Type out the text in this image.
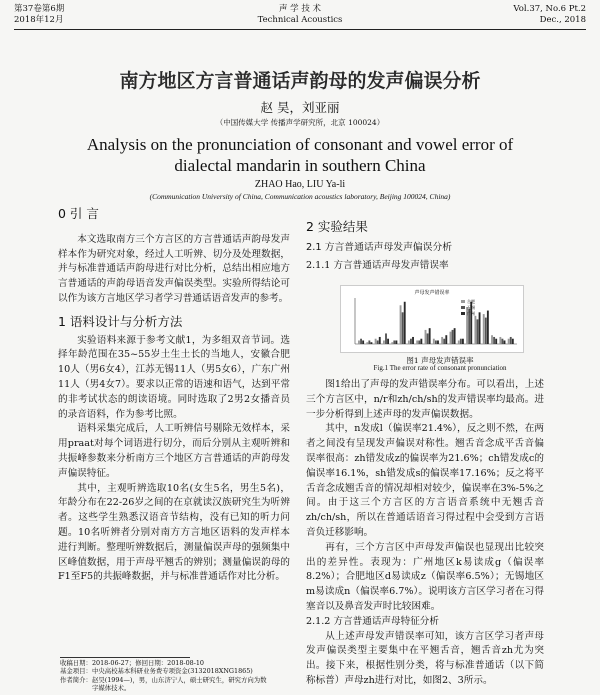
第37卷第6期
2018年12月
声 学 技 术
Technical Acoustics
Vol.37, No.6 Pt.2
Dec., 2018
南方地区方言普通话声韵母的发声偏误分析
赵 昊，刘亚丽
（中国传媒大学 传播声学研究所，北京 100024）
Analysis on the pronunciation of consonant and vowel error of
dialectal mandarin in southern China
ZHAO Hao, LIU Ya-li
(Communication University of China, Communication acoustics laboratory, Beijing 100024, China)
0 引 言

本文选取南方三个方言区的方言普通话声韵母发声样本作为研究对象，经过人工听辨、切分及处理数据，并与标准普通话声韵母进行对比分析，总结出相应地方言普通话的声韵母语音发声偏误类型。实验所得结论可以作为该方言地区学习者学习普通话语音发声的参考。

1 语料设计与分析方法

实验语料来源于参考文献1，为多组双音节词。选择年龄范围在35~55岁土生土长的当地人，安徽合肥10人（男6女4），江苏无锡11人（男5女6），广东广州11人（男4女7）。要求以正常的语速和语气，达到平常的非考试状态的朗读语境。同时选取了2男2女播音员的录音语料，作为参考比照。

语料采集完成后，人工听辨信号剔除无效样本，采用praat对每个词语进行切分，而后分别从主观听辨和共振峰参数来分析南方三个地区方言普通话的声韵母发声偏误特征。

其中，主观听辨选取10名(女生5名，男生5名)，年龄分布在22-26岁之间的在京就读汉族研究生为听辨者。这些学生熟悉汉语音节结构，没有已知的听力问题。10名听辨者分别对南方方言地区语料的发声样本进行判断。整理听辨数据后，测量偏误声母的强频集中区峰值数据，用于声母平翘舌的辨别；测量偏误韵母的F1至F5的共振峰数据，并与标准普通话作对比分析。

2 实验结果
2.1 方言普通话声母发声偏误分析
2.1.1 方言普通话声母发声错误率
声母发声错误率
合肥
无锡
广州
图1 声母发声错误率
Fig.1 The error rate of consonant pronunciation

图1给出了声母的发声错误率分布。可以看出，上述三个方言区中，n/r和zh/ch/sh的发声错误率均最高。进一步分析得到上述声母的发声偏误数据。

其中，n发成l（偏误率21.4%），反之则不然，在两者之间没有呈现发声偏误对称性。翘舌音念成平舌音偏误率很高：zh错发成z的偏误率为21.6%；ch错发成c的偏误率16.1%，sh错发成s的偏误率17.16%；反之将平舌音念成翘舌音的情况却相对较少，偏误率在3%-5%之间。由于这三个方言区的方言语音系统中无翘舌音zh/ch/sh，所以在普通话语音习得过程中会受到方言语音负迁移影响。

再有，三个方言区中声母发声偏误也显现出比较突出的差异性。表现为：广州地区k易读成g（偏误率8.2%）；合肥地区d易读成z（偏误率6.5%）；无锡地区m易读成n（偏误率6.7%）。说明该方言区学习者在习得塞音以及鼻音发声时比较困难。

2.1.2 方言普通话声母特征分析

从上述声母发声错误率可知，该方言区学习者声母发声偏误类型主要集中在平翘舌音，翘舌音zh尤为突出。接下来，根据性别分类，将与标准普通话（以下简称标普）声母zh进行对比，如图2、3所示。

收稿日期：2018-06-27；修回日期：2018-08-10
基金项目：中央高校基本科研业务费专项资金(3132018XNG1865)
作者简介：赵昊(1994—)，男，山东济宁人，硕士研究生，研究方向为数
字媒体技术。
